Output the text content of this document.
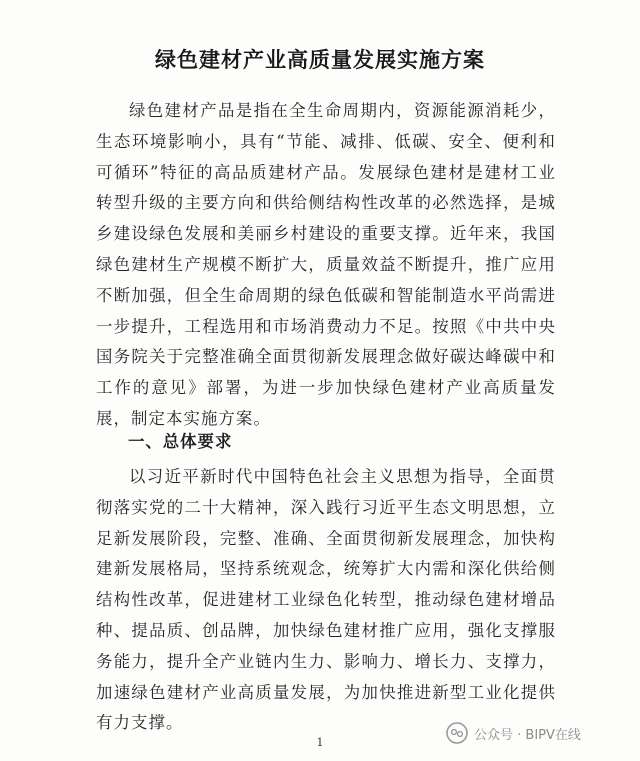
绿色建材产业高质量发展实施方案

绿色建材产品是指在全生命周期内，资源能源消耗少，生态环境影响小，具有“节能、减排、低碳、安全、便利和可循环”特征的高品质建材产品。发展绿色建材是建材工业转型升级的主要方向和供给侧结构性改革的必然选择，是城乡建设绿色发展和美丽乡村建设的重要支撑。近年来，我国绿色建材生产规模不断扩大，质量效益不断提升，推广应用不断加强，但全生命周期的绿色低碳和智能制造水平尚需进一步提升，工程选用和市场消费动力不足。按照《中共中央 国务院关于完整准确全面贯彻新发展理念做好碳达峰碳中和工作的意见》部署，为进一步加快绿色建材产业高质量发展，制定本实施方案。

一、总体要求

以习近平新时代中国特色社会主义思想为指导，全面贯彻落实党的二十大精神，深入践行习近平生态文明思想，立足新发展阶段，完整、准确、全面贯彻新发展理念，加快构建新发展格局，坚持系统观念，统筹扩大内需和深化供给侧结构性改革，促进建材工业绿色化转型，推动绿色建材增品种、提品质、创品牌，加快绿色建材推广应用，强化支撑服务能力，提升全产业链内生力、影响力、增长力、支撑力，加速绿色建材产业高质量发展，为加快推进新型工业化提供有力支撑。

1	公众号 · BIPV在线
